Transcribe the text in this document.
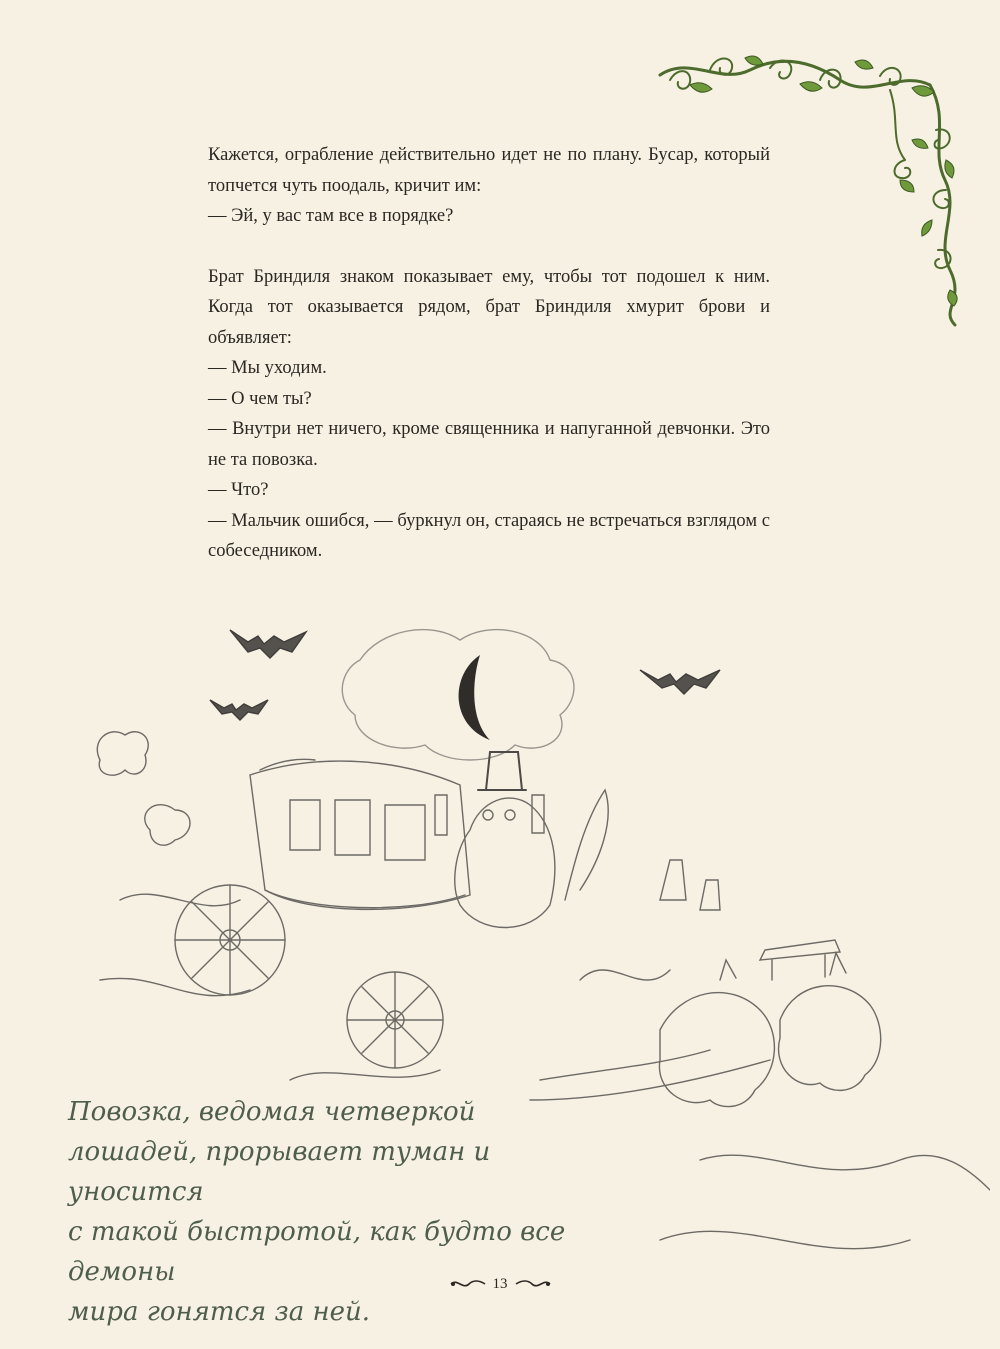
Кажется, ограбление действительно идет не по плану. Бусар, который топчется чуть поодаль, кричит им:

— Эй, у вас там все в порядке?

Брат Бриндиля знаком показывает ему, чтобы тот подошел к ним. Когда тот оказывается рядом, брат Бриндиля хмурит брови и объявляет:

— Мы уходим.

— О чем ты?

— Внутри нет ничего, кроме священника и напуганной девчонки. Это не та повозка.

— Что?

— Мальчик ошибся, — буркнул он, стараясь не встречаться взглядом с собеседником.

Повозка, ведомая четверкой
лошадей, прорывает туман и уносится
с такой быстротой, как будто все демоны
мира гонятся за ней.
13
